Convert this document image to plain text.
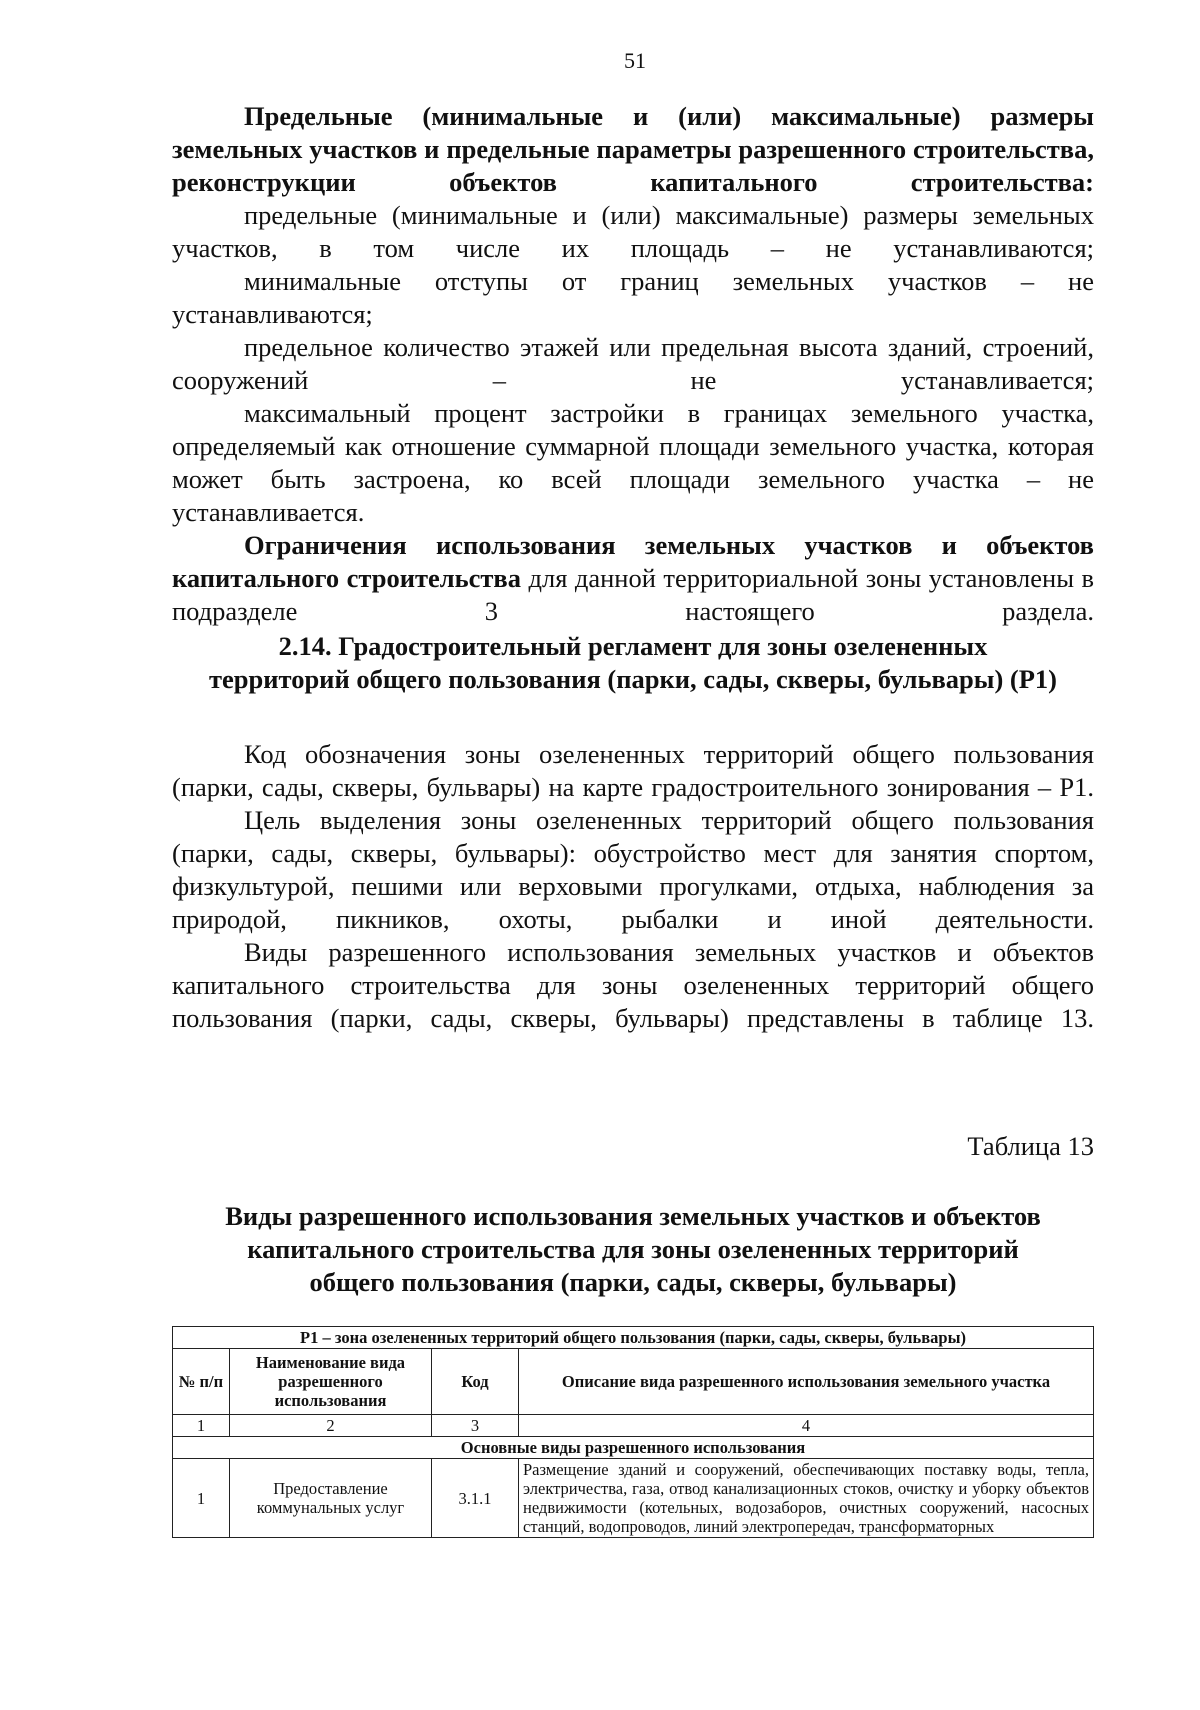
51

Предельные (минимальные и (или) максимальные) размеры земельных участков и предельные параметры разрешенного строительства, реконструкции объектов капитального строительства:

предельные (минимальные и (или) максимальные) размеры земельных участков, в том числе их площадь – не устанавливаются;

минимальные отступы от границ земельных участков – не устанавливаются;

предельное количество этажей или предельная высота зданий, строений, сооружений – не устанавливается;

максимальный процент застройки в границах земельного участка, определяемый как отношение суммарной площади земельного участка, которая может быть застроена, ко всей площади земельного участка – не устанавливается.

Ограничения использования земельных участков и объектов капитального строительства для данной территориальной зоны установлены в подразделе 3 настоящего раздела.

2.14. Градостроительный регламент для зоны озелененных

территорий общего пользования (парки, сады, скверы, бульвары) (Р1)

Код обозначения зоны озелененных территорий общего пользования (парки, сады, скверы, бульвары) на карте градостроительного зонирования – Р1.

Цель выделения зоны озелененных территорий общего пользования (парки, сады, скверы, бульвары): обустройство мест для занятия спортом, физкультурой, пешими или верховыми прогулками, отдыха, наблюдения за природой, пикников, охоты, рыбалки и иной деятельности.

Виды разрешенного использования земельных участков и объектов капитального строительства для зоны озелененных территорий общего пользования (парки, сады, скверы, бульвары) представлены в таблице 13.

Таблица 13

Виды разрешенного использования земельных участков и объектов

капитального строительства для зоны озелененных территорий

общего пользования (парки, сады, скверы, бульвары)

Р1 – зона озелененных территорий общего пользования (парки, сады, скверы, бульвары)			
№ п/п	Наименование вида разрешенного использования	Код	Описание вида разрешенного использования земельного участка
1	2	3	4
Основные виды разрешенного использования			
1	Предоставление коммунальных услуг	3.1.1	Размещение зданий и сооружений, обеспечивающих поставку воды, тепла, электричества, газа, отвод канализационных стоков, очистку и уборку объектов недвижимости (котельных, водозаборов, очистных сооружений, насосных станций, водопроводов, линий электропередач, трансформаторных
